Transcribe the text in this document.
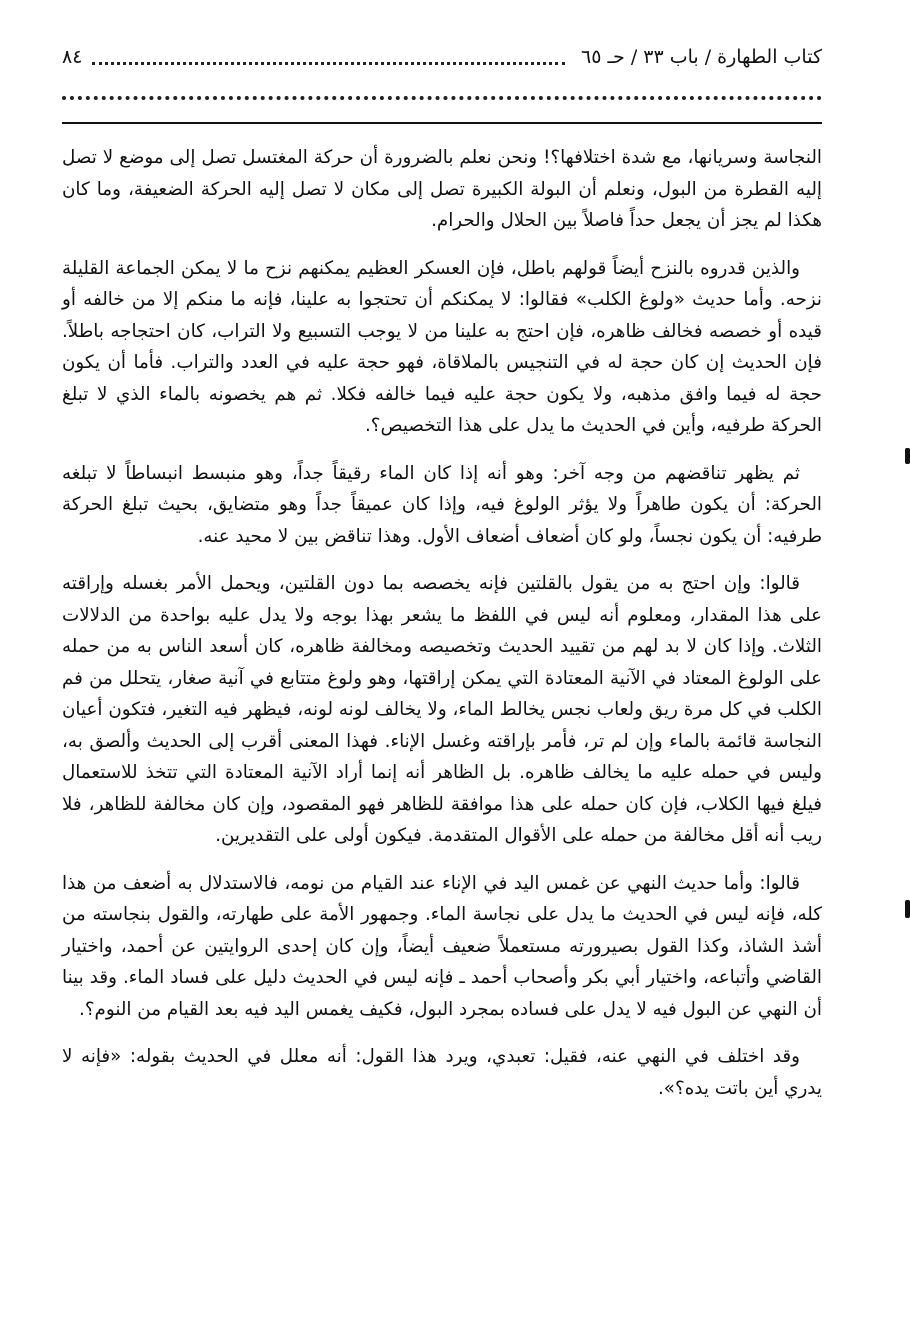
كتاب الطهارة / باب ٣٣ / حـ ٦٥
٨٤

النجاسة وسريانها، مع شدة اختلافها؟! ونحن نعلم بالضرورة أن حركة المغتسل تصل إلى موضع لا تصل إليه القطرة من البول، ونعلم أن البولة الكبيرة تصل إلى مكان لا تصل إليه الحركة الضعيفة، وما كان هكذا لم يجز أن يجعل حداً فاصلاً بين الحلال والحرام.

والذين قدروه بالنزح أيضاً قولهم باطل، فإن العسكر العظيم يمكنهم نزح ما لا يمكن الجماعة القليلة نزحه. وأما حديث «ولوغ الكلب» فقالوا: لا يمكنكم أن تحتجوا به علينا، فإنه ما منكم إلا من خالفه أو قيده أو خصصه فخالف ظاهره، فإن احتج به علينا من لا يوجب التسبيع ولا التراب، كان احتجاجه باطلاً. فإن الحديث إن كان حجة له في التنجيس بالملاقاة، فهو حجة عليه في العدد والتراب. فأما أن يكون حجة له فيما وافق مذهبه، ولا يكون حجة عليه فيما خالفه فكلا. ثم هم يخصونه بالماء الذي لا تبلغ الحركة طرفيه، وأين في الحديث ما يدل على هذا التخصيص؟.

ثم يظهر تناقضهم من وجه آخر: وهو أنه إذا كان الماء رقيقاً جداً، وهو منبسط انبساطاً لا تبلغه الحركة: أن يكون طاهراً ولا يؤثر الولوغ فيه، وإذا كان عميقاً جداً وهو متضايق، بحيث تبلغ الحركة طرفيه: أن يكون نجساً، ولو كان أضعاف أضعاف الأول. وهذا تناقض بين لا محيد عنه.

قالوا: وإن احتج به من يقول بالقلتين فإنه يخصصه بما دون القلتين، ويحمل الأمر بغسله وإراقته على هذا المقدار، ومعلوم أنه ليس في اللفظ ما يشعر بهذا بوجه ولا يدل عليه بواحدة من الدلالات الثلاث. وإذا كان لا بد لهم من تقييد الحديث وتخصيصه ومخالفة ظاهره، كان أسعد الناس به من حمله على الولوغ المعتاد في الآنية المعتادة التي يمكن إراقتها، وهو ولوغ متتابع في آنية صغار، يتحلل من فم الكلب في كل مرة ريق ولعاب نجس يخالط الماء، ولا يخالف لونه لونه، فيظهر فيه التغير، فتكون أعيان النجاسة قائمة بالماء وإن لم تر، فأمر بإراقته وغسل الإناء. فهذا المعنى أقرب إلى الحديث وألصق به، وليس في حمله عليه ما يخالف ظاهره. بل الظاهر أنه إنما أراد الآنية المعتادة التي تتخذ للاستعمال فيلغ فيها الكلاب، فإن كان حمله على هذا موافقة للظاهر فهو المقصود، وإن كان مخالفة للظاهر، فلا ريب أنه أقل مخالفة من حمله على الأقوال المتقدمة. فيكون أولى على التقديرين.

قالوا: وأما حديث النهي عن غمس اليد في الإناء عند القيام من نومه، فالاستدلال به أضعف من هذا كله، فإنه ليس في الحديث ما يدل على نجاسة الماء. وجمهور الأمة على طهارته، والقول بنجاسته من أشذ الشاذ، وكذا القول بصيرورته مستعملاً ضعيف أيضاً، وإن كان إحدى الروايتين عن أحمد، واختيار القاضي وأتباعه، واختيار أبي بكر وأصحاب أحمد ـ فإنه ليس في الحديث دليل على فساد الماء. وقد بينا أن النهي عن البول فيه لا يدل على فساده بمجرد البول، فكيف يغمس اليد فيه بعد القيام من النوم؟.

وقد اختلف في النهي عنه، فقيل: تعبدي، ويرد هذا القول: أنه معلل في الحديث بقوله: «فإنه لا يدري أين باتت يده؟».
